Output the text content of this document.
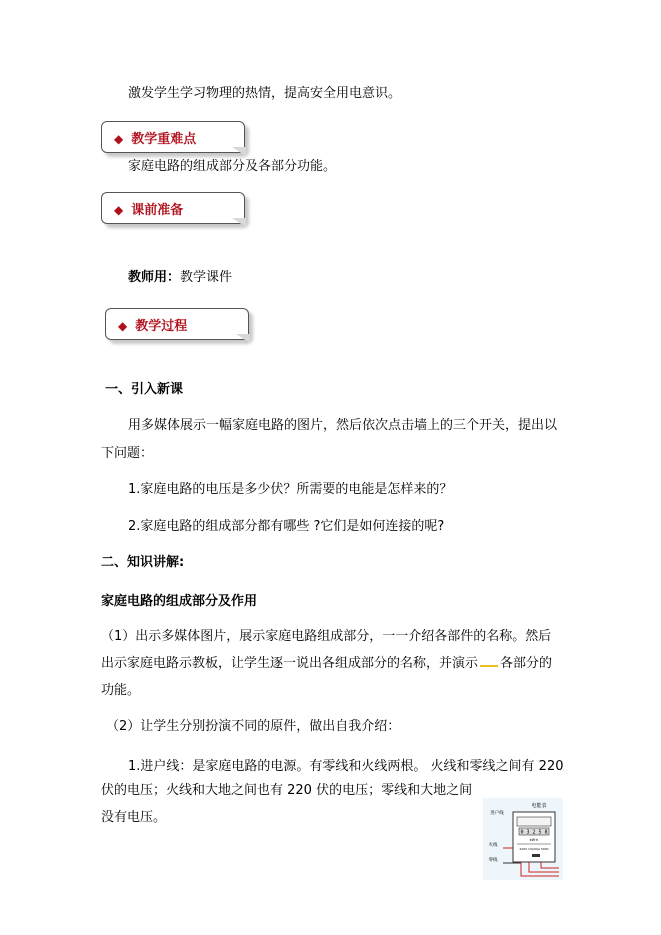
激发学生学习物理的热情，提高安全用电意识。
◆ 教学重难点
家庭电路的组成部分及各部分功能。
◆ 课前准备
教师用：教学课件
◆ 教学过程
一、引入新课
用多媒体展示一幅家庭电路的图片，然后依次点击墙上的三个开关，提出以
下问题：
1.家庭电路的电压是多少伏？所需要的电能是怎样来的？
2.家庭电路的组成部分都有哪些 ?它们是如何连接的呢?
二、知识讲解:
家庭电路的组成部分及作用
（1）出示多媒体图片，展示家庭电路组成部分，一一介绍各部件的名称。然后
出示家庭电路示教板，让学生逐一说出各组成部分的名称，并演示 各部分的
功能。
（2）让学生分别扮演不同的原件，做出自我介绍：
1.进户线：是家庭电路的电源。有零线和火线两根。 火线和零线之间有 220
伏的电压；火线和大地之间也有 220 伏的电压；零线和大地之间
没有电压。
0 3 2 5 8
kW·h
220V 10(20)A 50Hz
电能表
进户线
火线
零线
